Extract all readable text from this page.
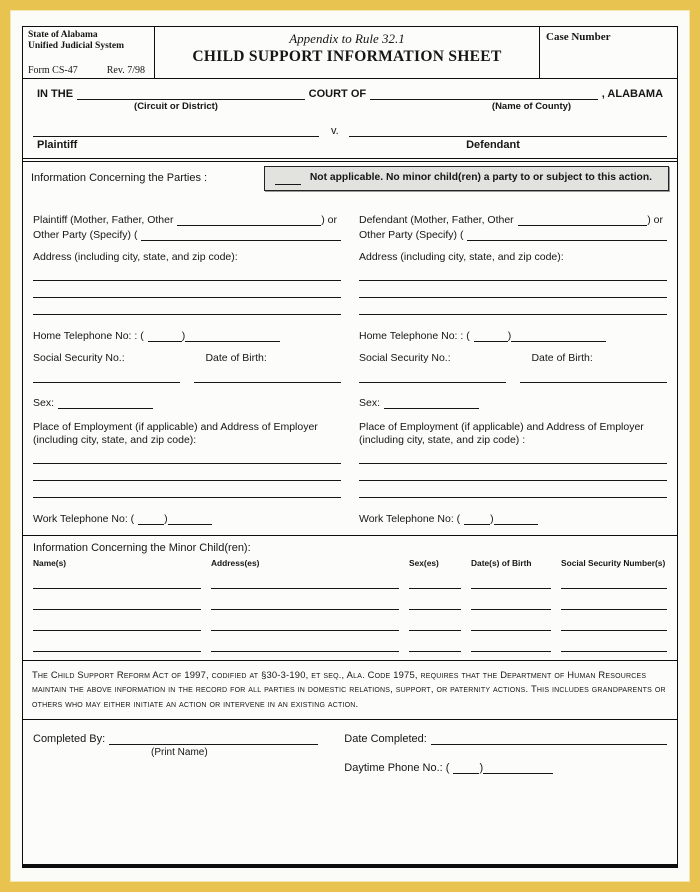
State of Alabama
Unified Judicial System
Form CS-47	Rev. 7/98
Appendix to Rule 32.1
CHILD SUPPORT INFORMATION SHEET
Case Number
IN THE	COURT OF	, ALABAMA
(Circuit or District)	(Name of County)
v.
Plaintiff	Defendant
Information Concerning the Parties :	Not applicable. No minor child(ren) a party to or subject to this action.
Plaintiff (Mother, Father, Other	) or
Other Party (Specify) (
Address (including city, state, and zip code):
Home Telephone No: : (	)
Social Security No.:	Date of Birth:
Sex:
Place of Employment (if applicable) and Address of Employer (including city, state, and zip code):
Work Telephone No: (	)
Defendant (Mother, Father, Other	) or
Other Party (Specify) (
Address (including city, state, and zip code):
Home Telephone No: : (	)
Social Security No.:	Date of Birth:
Sex:
Place of Employment (if applicable) and Address of Employer (including city, state, and zip code) :
Work Telephone No: (	)
Information Concerning the Minor Child(ren):
Name(s)	Address(es)	Sex(es)	Date(s) of Birth	Social Security Number(s)
The Child Support Reform Act of 1997, codified at §30-3-190, et seq., Ala. Code 1975, requires that the Department of Human Resources maintain the above information in the record for all parties in domestic relations, support, or paternity actions. This includes grandparents or others who may either initiate an action or intervene in an existing action.
Completed By:
(Print Name)
Date Completed:
Daytime Phone No.: (	)
